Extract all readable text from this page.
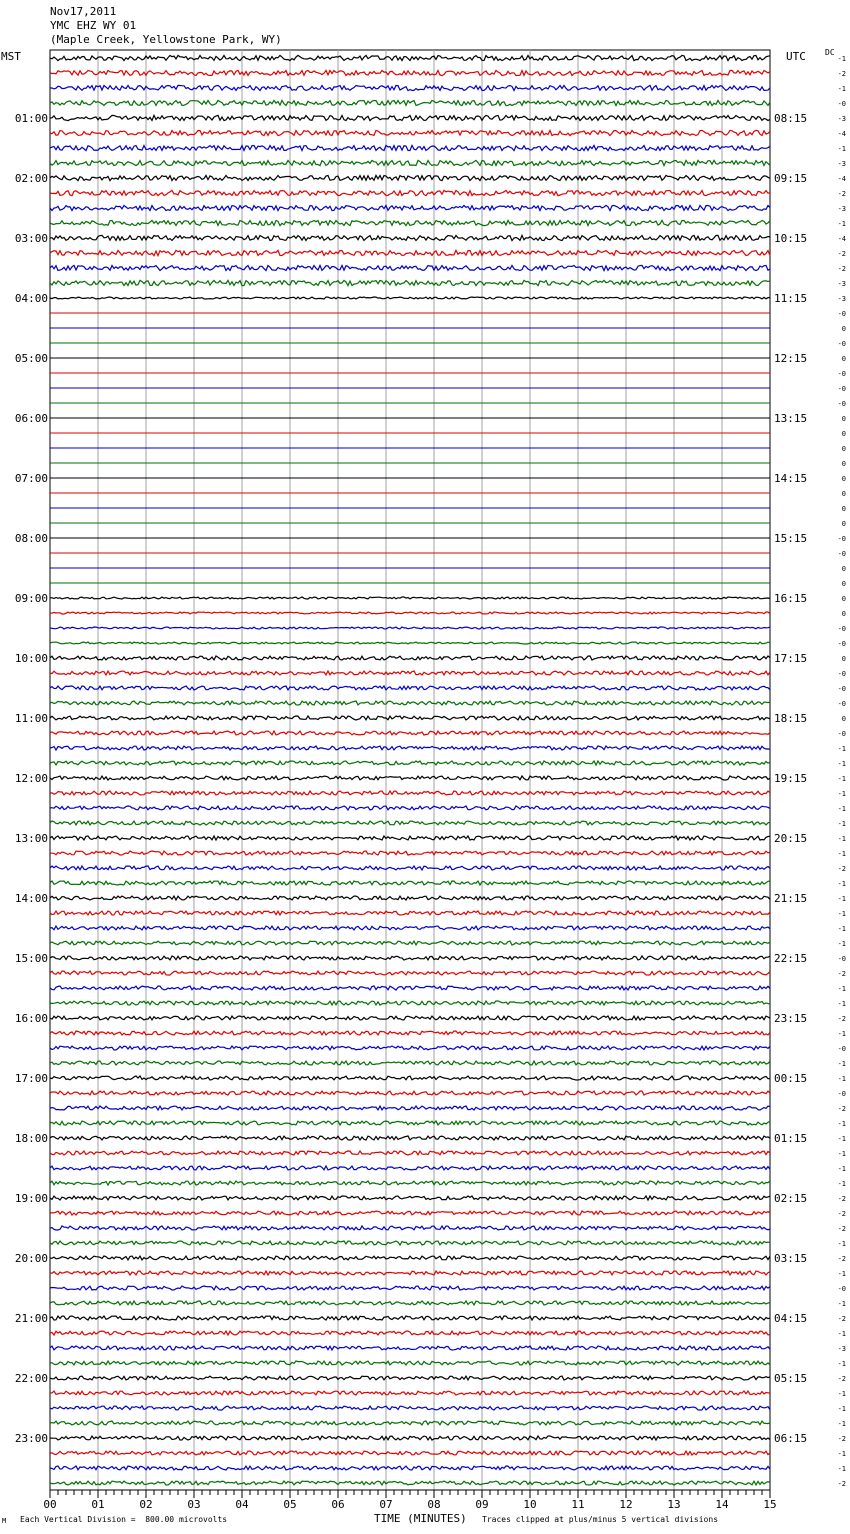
Nov17,2011
YMC EHZ WY 01
(Maple Creek, Yellowstone Park, WY)
MST	UTC DC
-1
-2
-1
-0
-3
-4
-1
-3
-4
-2
-3
-1
-4
-2
-2
-3
-3
-0
0
-0
0
-0
-0
-0
0
0
0
0
0
0
0
0
-0
-0
0
0
0
0
-0
-0
0
-0
-0
-0
0
-0
-1
-1
-1
-1
-1
-1
-1
-1
-2
-1
-1
-1
-1
-1
-0
-2
-1
-1
-2
-1
-0
-1
-1
-0
-2
-1
-1
-1
-1
-1
-2
-2
-2
-1
-2
-1
-0
-1
-2
-1
-3
-1
-2
-1
-1
-1
-2
-1
-1
-2
01:00
02:00
03:00
04:00
05:00
06:00
07:00
08:00
09:00
10:00
11:00
12:00
13:00
14:00
15:00
16:00
17:00
18:00
19:00
20:00
21:00
22:00
23:00
08:15
09:15
10:15
11:15
12:15
13:15
14:15
15:15
16:15
17:15
18:15
19:15
20:15
21:15
22:15
23:15
00:15
01:15
02:15
03:15
04:15
05:15
06:15
00	01	02	03	04	05	06	07	08	09	10	11	12	13	14	15
M Each Vertical Division =  800.00 microvolts	TIME (MINUTES) Traces clipped at plus/minus 5 vertical divisions
